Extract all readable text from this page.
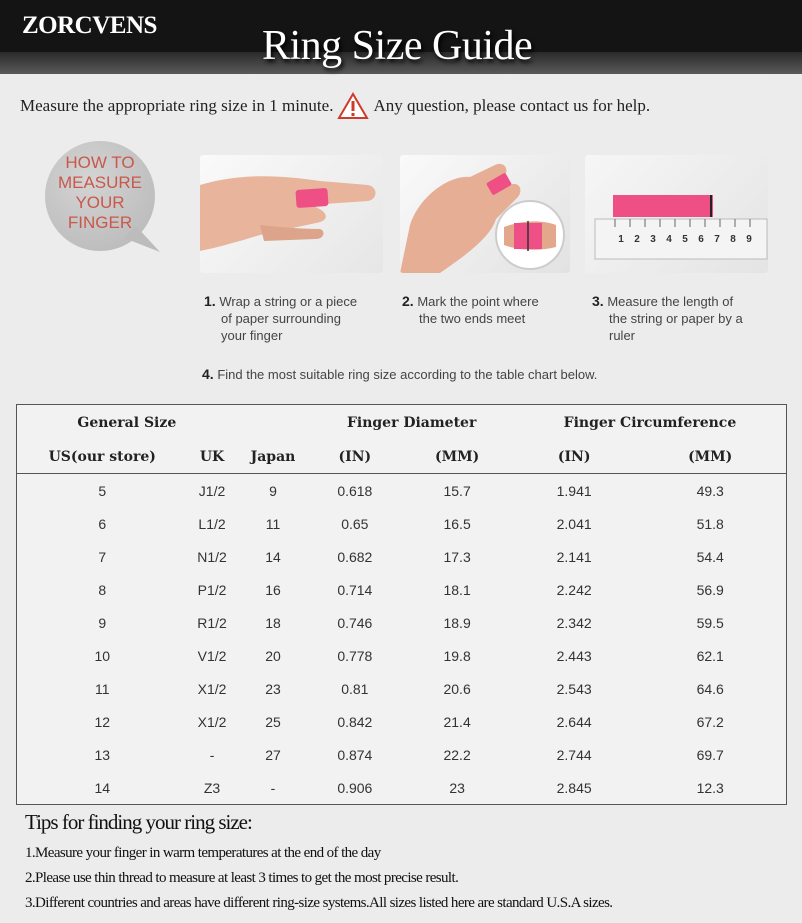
ZORCVENS	Ring Size Guide
Measure the appropriate ring size in 1 minute. Any question, please contact us for help.
HOW TO
MEASURE
YOUR
FINGER
1 2 3 4 5 6 7 8 9
1. Wrap a string or a piece
of paper surrounding
your finger
2. Mark the point where
the two ends meet
3. Measure the length of
the string or paper by a
ruler
4. Find the most suitable ring size according to the table chart below.
General Size			Finger Diameter		Finger Circumference	
US(our store)	UK	Japan	(IN)	(MM)	(IN)	(MM)
5	J1/2	9	0.618	15.7	1.941	49.3
6	L1/2	11	0.65	16.5	2.041	51.8
7	N1/2	14	0.682	17.3	2.141	54.4
8	P1/2	16	0.714	18.1	2.242	56.9
9	R1/2	18	0.746	18.9	2.342	59.5
10	V1/2	20	0.778	19.8	2.443	62.1
11	X1/2	23	0.81	20.6	2.543	64.6
12	X1/2	25	0.842	21.4	2.644	67.2
13	-	27	0.874	22.2	2.744	69.7
14	Z3	-	0.906	23	2.845	12.3
Tips for finding your ring size:
1.Measure your finger in warm temperatures at the end of the day
2.Please use thin thread to measure at least 3 times to get the most precise result.
3.Different countries and areas have different ring-size systems.All sizes listed here are standard U.S.A sizes.
